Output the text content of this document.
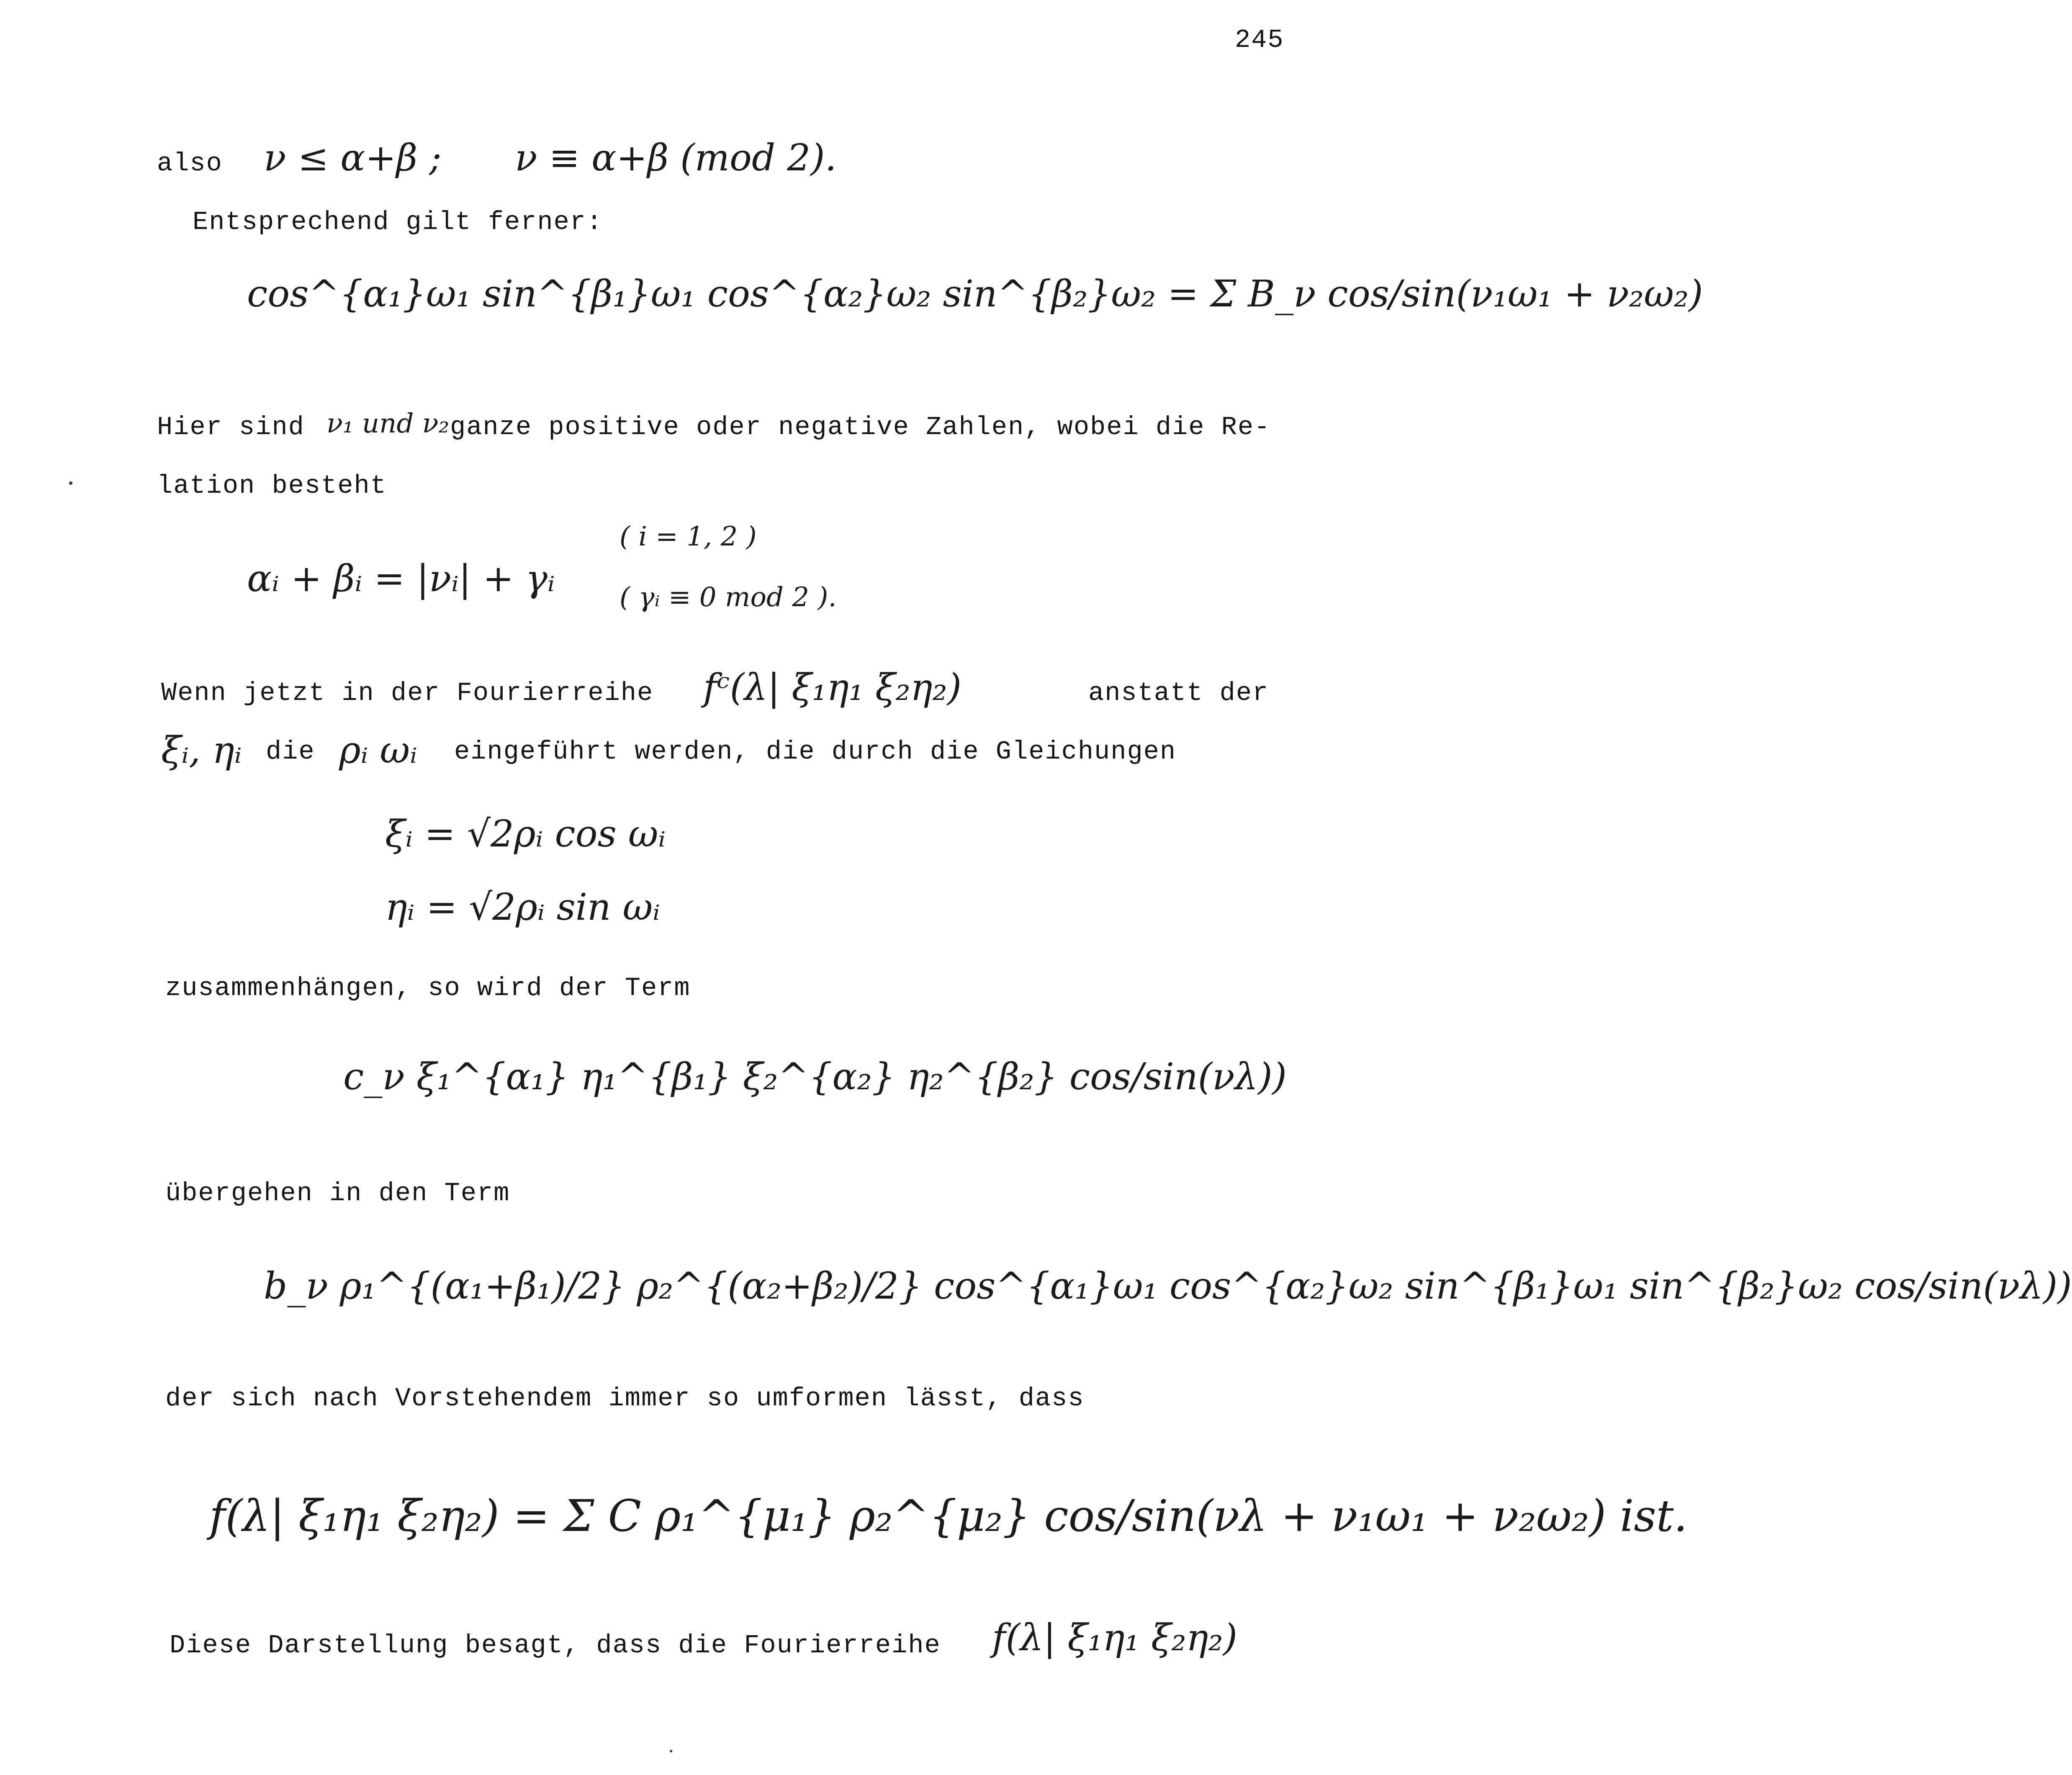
245
also ν ≤ α+β ; ν ≡ α+β (mod 2).
Entsprechend gilt ferner:
cos^{α₁}ω₁ sin^{β₁}ω₁ cos^{α₂}ω₂ sin^{β₂}ω₂ = Σ B_ν cos/sin(ν₁ω₁ + ν₂ω₂)
Hier sind ν₁ und ν₂ ganze positive oder negative Zahlen, wobei die Re-
lation besteht
αᵢ + βᵢ = |νᵢ| + γᵢ
( i = 1, 2 )
( γᵢ ≡ 0 mod 2 ).
Wenn jetzt in der Fourierreihe fᶜ(λ| ξ₁η₁ ξ₂η₂)	anstatt der
ξᵢ, ηᵢ die ρᵢ ωᵢ eingeführt werden, die durch die Gleichungen
ξᵢ = √2ρᵢ cos ωᵢ
ηᵢ = √2ρᵢ sin ωᵢ
zusammenhängen, so wird der Term
c_ν ξ₁^{α₁} η₁^{β₁} ξ₂^{α₂} η₂^{β₂} cos/sin(νλ))
übergehen in den Term
b_ν ρ₁^{(α₁+β₁)/2} ρ₂^{(α₂+β₂)/2} cos^{α₁}ω₁ cos^{α₂}ω₂ sin^{β₁}ω₁ sin^{β₂}ω₂ cos/sin(νλ))
der sich nach Vorstehendem immer so umformen lässt, dass
f(λ| ξ₁η₁ ξ₂η₂) = Σ C ρ₁^{μ₁} ρ₂^{μ₂} cos/sin(νλ + ν₁ω₁ + ν₂ω₂) ist.
Diese Darstellung besagt, dass die Fourierreihe f(λ| ξ₁η₁ ξ₂η₂)
